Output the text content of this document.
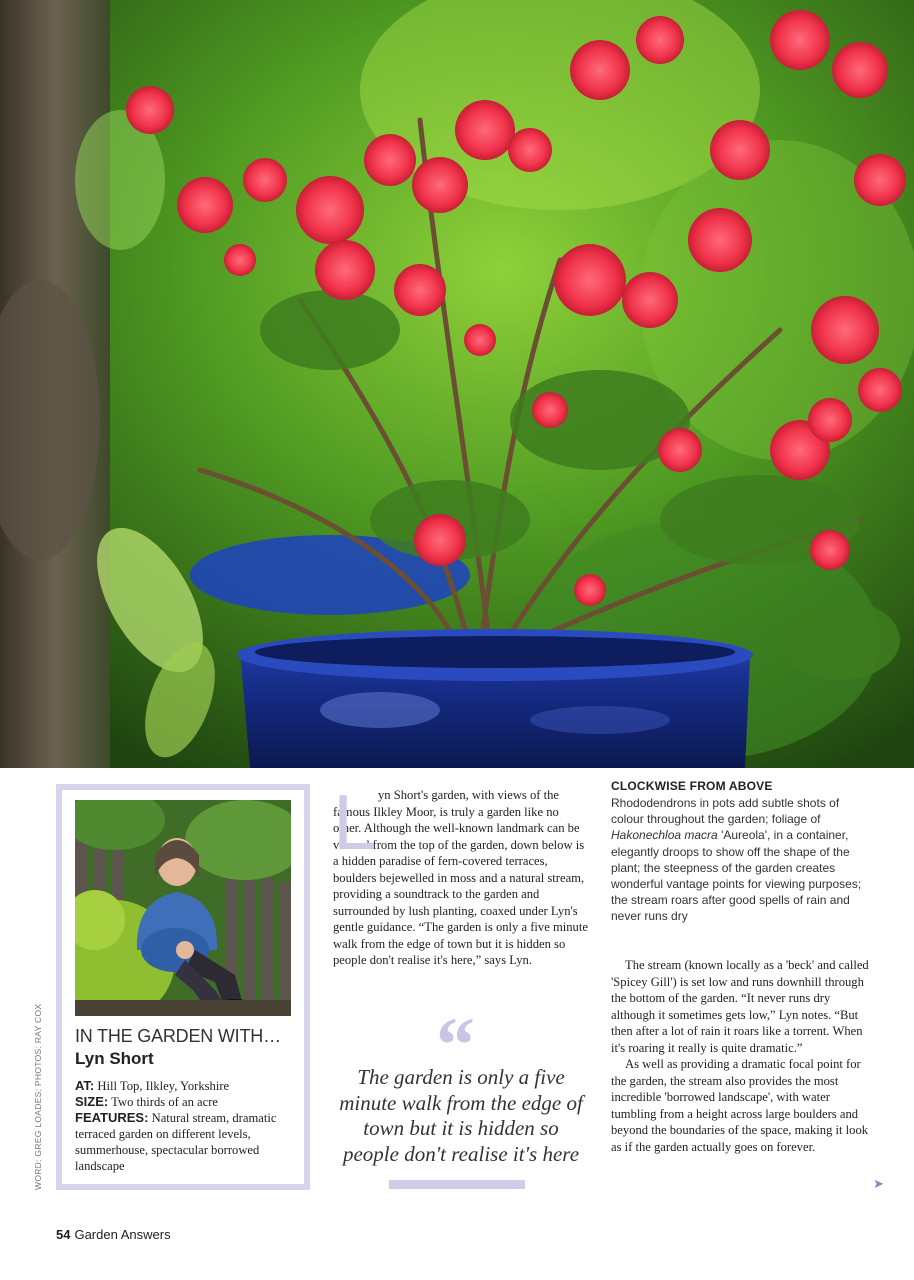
IN THE GARDEN WITH…
Lyn Short
AT: Hill Top, Ilkley, Yorkshire
SIZE: Two thirds of an acre
FEATURES: Natural stream, dramatic terraced garden on different levels, summerhouse, spectacular borrowed landscape
WORD: GREG LOADES; PHOTOS: RAY COX
L yn Short's garden, with views of the famous Ilkley Moor, is truly a garden like no other. Although the well-known landmark can be viewed from the top of the garden, down below is a hidden paradise of fern-covered terraces, boulders bejewelled in moss and a natural stream, providing a soundtrack to the garden and surrounded by lush planting, coaxed under Lyn's gentle guidance. “The garden is only a five minute walk from the edge of town but it is hidden so people don't realise it's here,” says Lyn.

“
The garden is only a five minute walk from the edge of town but it is hidden so people don't realise it's here
CLOCKWISE FROM ABOVE
Rhododendrons in pots add subtle shots of colour throughout the garden; foliage of Hakonechloa macra 'Aureola', in a container, elegantly droops to show off the shape of the plant; the steepness of the garden creates wonderful vantage points for viewing purposes; the stream roars after good spells of rain and never runs dry

The stream (known locally as a 'beck' and called 'Spicey Gill') is set low and runs downhill through the bottom of the garden. “It never runs dry although it sometimes gets low,” Lyn notes. “But then after a lot of rain it roars like a torrent. When it's roaring it really is quite dramatic.”

As well as providing a dramatic focal point for the garden, the stream also provides the most incredible 'borrowed landscape', with water tumbling from a height across large boulders and beyond the boundaries of the space, making it look as if the garden actually goes on forever.

➤
54 Garden Answers
